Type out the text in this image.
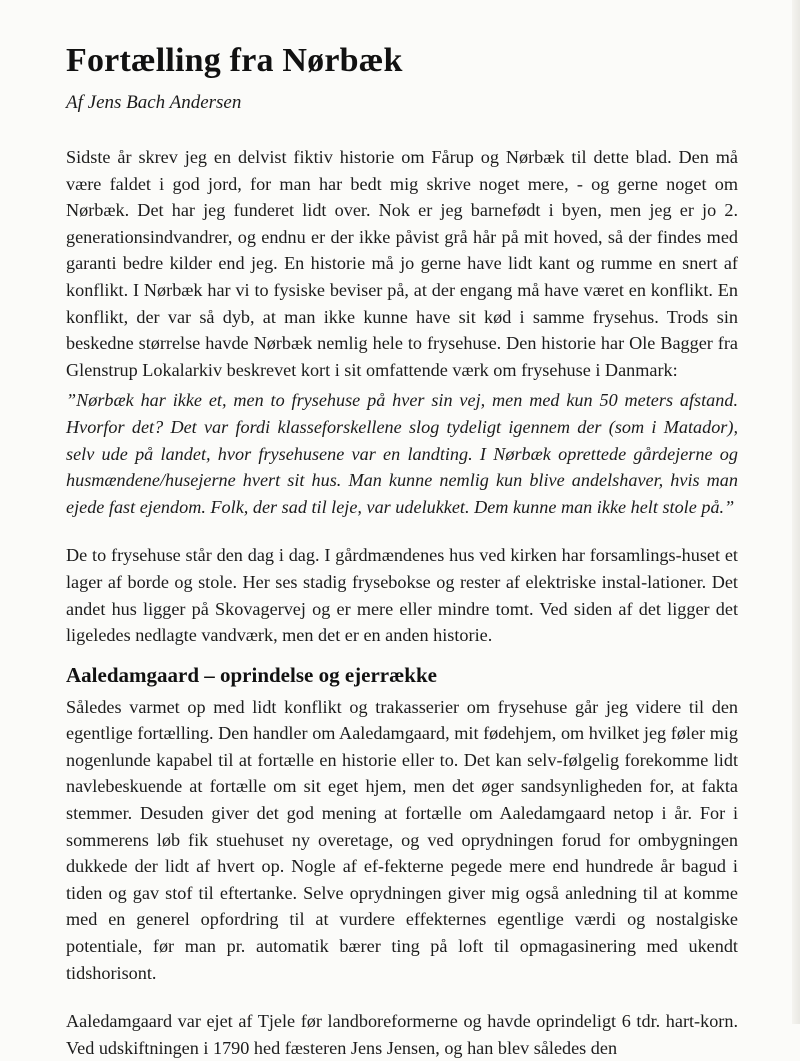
Fortælling fra Nørbæk
Af Jens Bach Andersen

Sidste år skrev jeg en delvist fiktiv historie om Fårup og Nørbæk til dette blad. Den må være faldet i god jord, for man har bedt mig skrive noget mere, - og gerne noget om Nørbæk. Det har jeg funderet lidt over. Nok er jeg barnefødt i byen, men jeg er jo 2. generationsindvandrer, og endnu er der ikke påvist grå hår på mit hoved, så der findes med garanti bedre kilder end jeg. En historie må jo gerne have lidt kant og rumme en snert af konflikt. I Nørbæk har vi to fysiske beviser på, at der engang må have været en konflikt. En konflikt, der var så dyb, at man ikke kunne have sit kød i samme frysehus. Trods sin beskedne størrelse havde Nørbæk nemlig hele to frysehuse. Den historie har Ole Bagger fra Glenstrup Lokalarkiv beskrevet kort i sit omfattende værk om frysehuse i Danmark:

”Nørbæk har ikke et, men to frysehuse på hver sin vej, men med kun 50 meters afstand. Hvorfor det? Det var fordi klasseforskellene slog tydeligt igennem der (som i Matador), selv ude på landet, hvor frysehusene var en landting. I Nørbæk oprettede gårdejerne og husmændene/husejerne hvert sit hus. Man kunne nemlig kun blive andelshaver, hvis man ejede fast ejendom. Folk, der sad til leje, var udelukket. Dem kunne man ikke helt stole på.”

De to frysehuse står den dag i dag. I gårdmændenes hus ved kirken har forsamlings-huset et lager af borde og stole. Her ses stadig frysebokse og rester af elektriske instal-lationer. Det andet hus ligger på Skovagervej og er mere eller mindre tomt. Ved siden af det ligger det ligeledes nedlagte vandværk, men det er en anden historie.

Aaledamgaard – oprindelse og ejerrække

Således varmet op med lidt konflikt og trakasserier om frysehuse går jeg videre til den egentlige fortælling. Den handler om Aaledamgaard, mit fødehjem, om hvilket jeg føler mig nogenlunde kapabel til at fortælle en historie eller to. Det kan selv-følgelig forekomme lidt navlebeskuende at fortælle om sit eget hjem, men det øger sandsynligheden for, at fakta stemmer. Desuden giver det god mening at fortælle om Aaledamgaard netop i år. For i sommerens løb fik stuehuset ny overetage, og ved oprydningen forud for ombygningen dukkede der lidt af hvert op. Nogle af ef-fekterne pegede mere end hundrede år bagud i tiden og gav stof til eftertanke. Selve oprydningen giver mig også anledning til at komme med en generel opfordring til at vurdere effekternes egentlige værdi og nostalgiske potentiale, før man pr. automatik bærer ting på loft til opmagasinering med ukendt tidshorisont.

Aaledamgaard var ejet af Tjele før landboreformerne og havde oprindeligt 6 tdr. hart-korn. Ved udskiftningen i 1790 hed fæsteren Jens Jensen, og han blev således den
